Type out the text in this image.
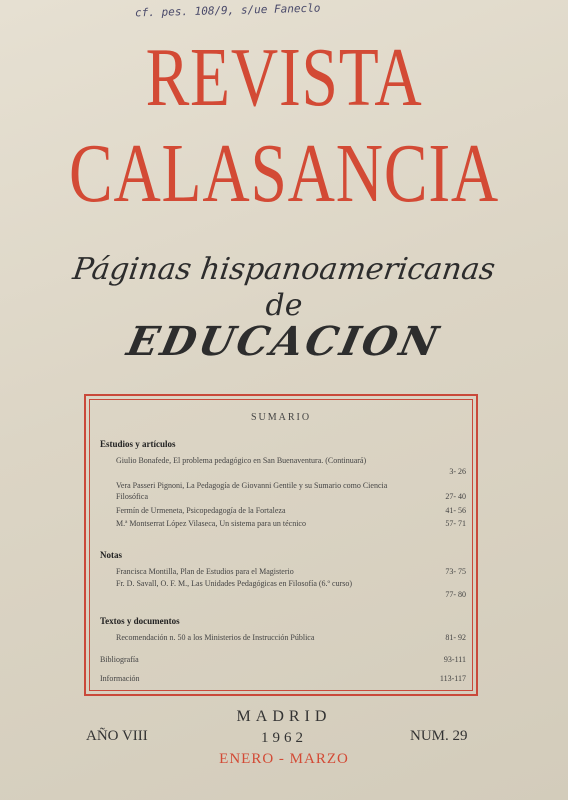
cf. pes. 108/9, s/ue Faneclo
REVISTA
CALASANCIA
Páginas hispanoamericanas
de
EDUCACION
SUMARIO
Estudios y artículos
Giulio Bonafede, El problema pedagógico en San Buenaventura. (Continuará)
3- 26
Vera Passeri Pignoni, La Pedagogía de Giovanni Gentile y su Sumario como Ciencia Filosófica	27- 40
Fermín de Urmeneta, Psicopedagogía de la Fortaleza	41- 56
M.ª Montserrat López Vilaseca, Un sistema para un técnico	57- 71
Notas
Francisca Montilla, Plan de Estudios para el Magisterio	73- 75
Fr. D. Savall, O. F. M., Las Unidades Pedagógicas en Filosofía (6.º curso)
77- 80
Textos y documentos
Recomendación n. 50 a los Ministerios de Instrucción Pública	81- 92
Bibliografía	93-111
Información	113-117
MADRID
AÑO VIII	1962	NUM. 29
ENERO - MARZO
